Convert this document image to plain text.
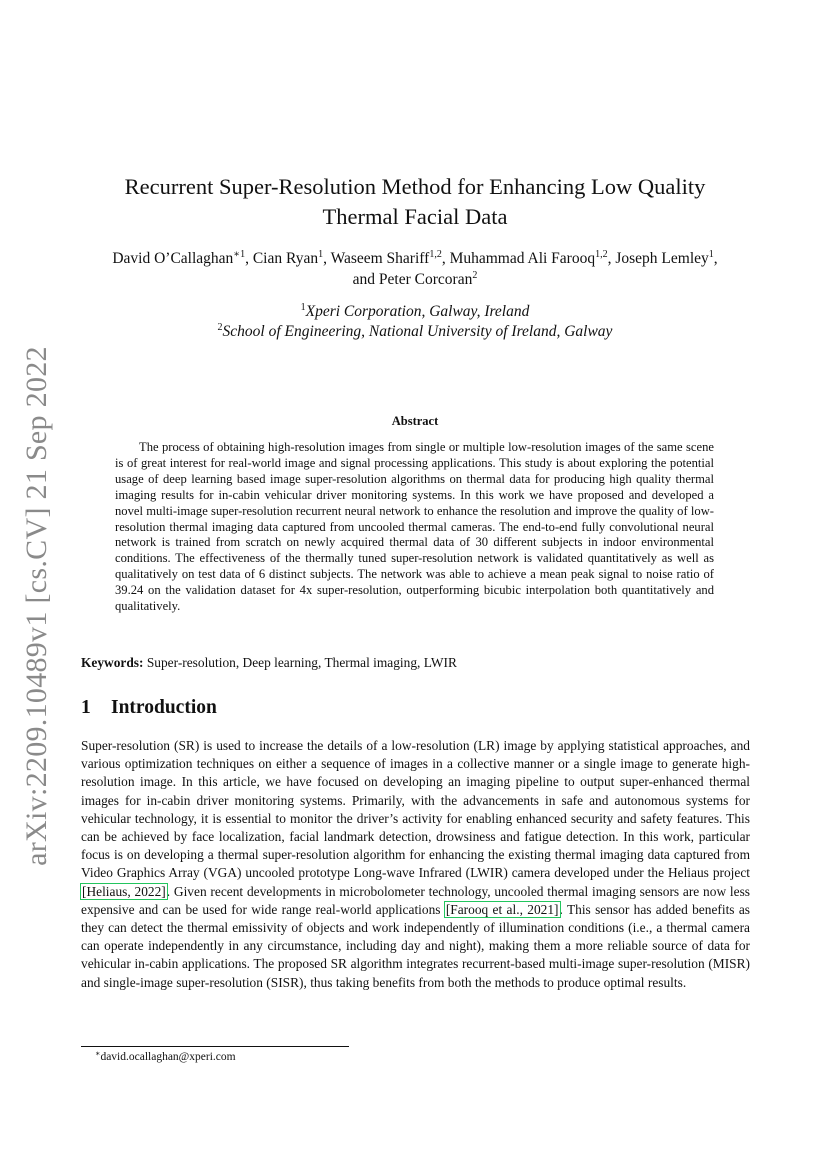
arXiv:2209.10489v1 [cs.CV] 21 Sep 2022
Recurrent Super-Resolution Method for Enhancing Low Quality
Thermal Facial Data
David O’Callaghan$^{∗1}$, Cian Ryan$^1$, Waseem Shariff$^{1,2}$, Muhammad Ali Farooq$^{1,2}$, Joseph Lemley$^1$,
and Peter Corcoran$^2$
$^1$Xperi Corporation, Galway, Ireland
$^2$School of Engineering, National University of Ireland, Galway
Abstract
The process of obtaining high-resolution images from single or multiple low-resolution images of the same scene is of great interest for real-world image and signal processing applications. This study is about exploring the potential usage of deep learning based image super-resolution algorithms on thermal data for producing high quality thermal imaging results for in-cabin vehicular driver monitoring systems. In this work we have proposed and developed a novel multi-image super-resolution recurrent neural network to enhance the resolution and improve the quality of low-resolution thermal imaging data captured from uncooled thermal cameras. The end-to-end fully convolutional neural network is trained from scratch on newly acquired thermal data of 30 different subjects in indoor environmental conditions. The effectiveness of the thermally tuned super-resolution network is validated quantitatively as well as qualitatively on test data of 6 distinct subjects. The network was able to achieve a mean peak signal to noise ratio of 39.24 on the validation dataset for 4x super-resolution, outperforming bicubic interpolation both quantitatively and qualitatively.
Keywords: Super-resolution, Deep learning, Thermal imaging, LWIR
1 Introduction
Super-resolution (SR) is used to increase the details of a low-resolution (LR) image by applying statistical approaches, and various optimization techniques on either a sequence of images in a collective manner or a single image to generate high-resolution image. In this article, we have focused on developing an imaging pipeline to output super-enhanced thermal images for in-cabin driver monitoring systems. Primarily, with the advancements in safe and autonomous systems for vehicular technology, it is essential to monitor the driver’s activity for enabling enhanced security and safety features. This can be achieved by face localization, facial landmark detection, drowsiness and fatigue detection. In this work, particular focus is on developing a thermal super-resolution algorithm for enhancing the existing thermal imaging data captured from Video Graphics Array (VGA) uncooled prototype Long-wave Infrared (LWIR) camera developed under the Heliaus project [Heliaus, 2022]. Given recent developments in microbolometer technology, uncooled thermal imaging sensors are now less expensive and can be used for wide range real-world applications [Farooq et al., 2021]. This sensor has added benefits as they can detect the thermal emissivity of objects and work independently of illumination conditions (i.e., a thermal camera can operate independently in any circumstance, including day and night), making them a more reliable source of data for vehicular in-cabin applications. The proposed SR algorithm integrates recurrent-based multi-image super-resolution (MISR) and single-image super-resolution (SISR), thus taking benefits from both the methods to produce optimal results.
∗david.ocallaghan@xperi.com
